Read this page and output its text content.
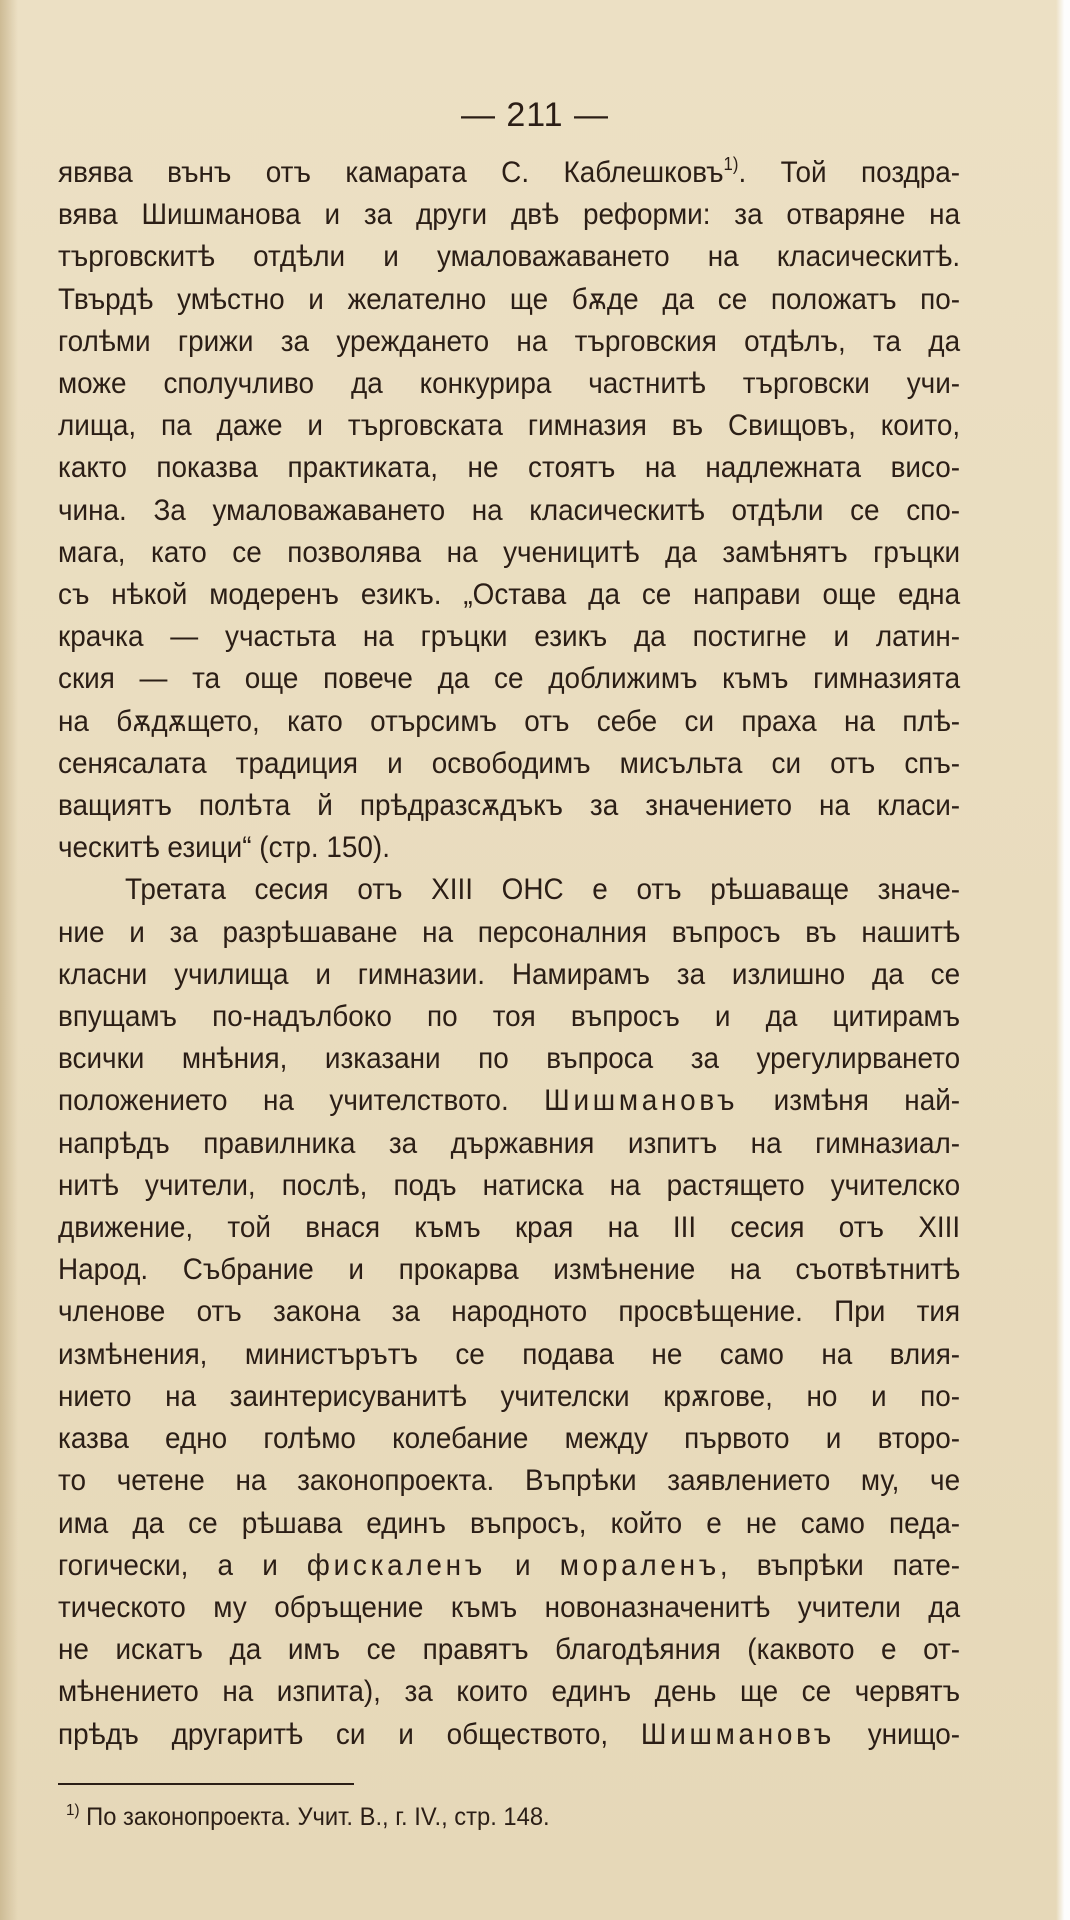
— 211 —
явява вънъ отъ камарата С. Каблешковъ$^{1)}$. Той поздра-
вява Шишманова и за други двѣ реформи: за отваряне на
търговскитѣ отдѣли и умаловажаването на класическитѣ.
Твърдѣ умѣстно и желателно ще бѫде да се положатъ по-
голѣми грижи за уреждането на търговския отдѣлъ, та да
може сполучливо да конкурира частнитѣ търговски учи-
лища, па даже и търговската гимназия въ Свищовъ, които,
както показва практиката, не стоятъ на надлежната висо-
чина. За умаловажаването на класическитѣ отдѣли се спо-
мага, като се позволява на ученицитѣ да замѣнятъ гръцки
съ нѣкой модеренъ езикъ. „Остава да се направи още една
крачка — участьта на гръцки езикъ да постигне и латин-
ския — та още повече да се доближимъ къмъ гимназията
на бѫдѫщето, като отърсимъ отъ себе си праха на плѣ-
сенясалата традиция и освободимъ мисъльта си отъ спъ-
ващиятъ полѣта й прѣдразсѫдъкъ за значението на класи-
ческитѣ езици“ (стр. 150).
Третата сесия отъ XIII ОНС е отъ рѣшаваще значе-
ние и за разрѣшаване на персоналния въпросъ въ нашитѣ
класни училища и гимназии. Намирамъ за излишно да се
впущамъ по-надълбоко по тоя въпросъ и да цитирамъ
всички мнѣния, изказани по въпроса за урегулирването
положението на учителството. Шишмановъ измѣня най-
напрѣдъ правилника за държавния изпитъ на гимназиал-
нитѣ учители, послѣ, подъ натиска на растящето учителско
движение, той внася къмъ края на III сесия отъ XIII
Народ. Събрание и прокарва измѣнение на съотвѣтнитѣ
членове отъ закона за народното просвѣщение. При тия
измѣнения, министърътъ се подава не само на влия-
нието на заинтерисуванитѣ учителски крѫгове, но и по-
казва едно голѣмо колебание между първото и второ-
то четене на законопроекта. Въпрѣки заявлението му, че
има да се рѣшава единъ въпросъ, който е не само педа-
гогически, а и фискаленъ и мораленъ, въпрѣки пате-
тическото му обръщение къмъ новоназначенитѣ учители да
не искатъ да имъ се правятъ благодѣяния (каквото е от-
мѣнението на изпита), за които единъ день ще се червятъ
прѣдъ другаритѣ си и обществото, Шишмановъ унищо-
$^{1)}$ По законопроекта. Учит. В., г. IV., стр. 148.
